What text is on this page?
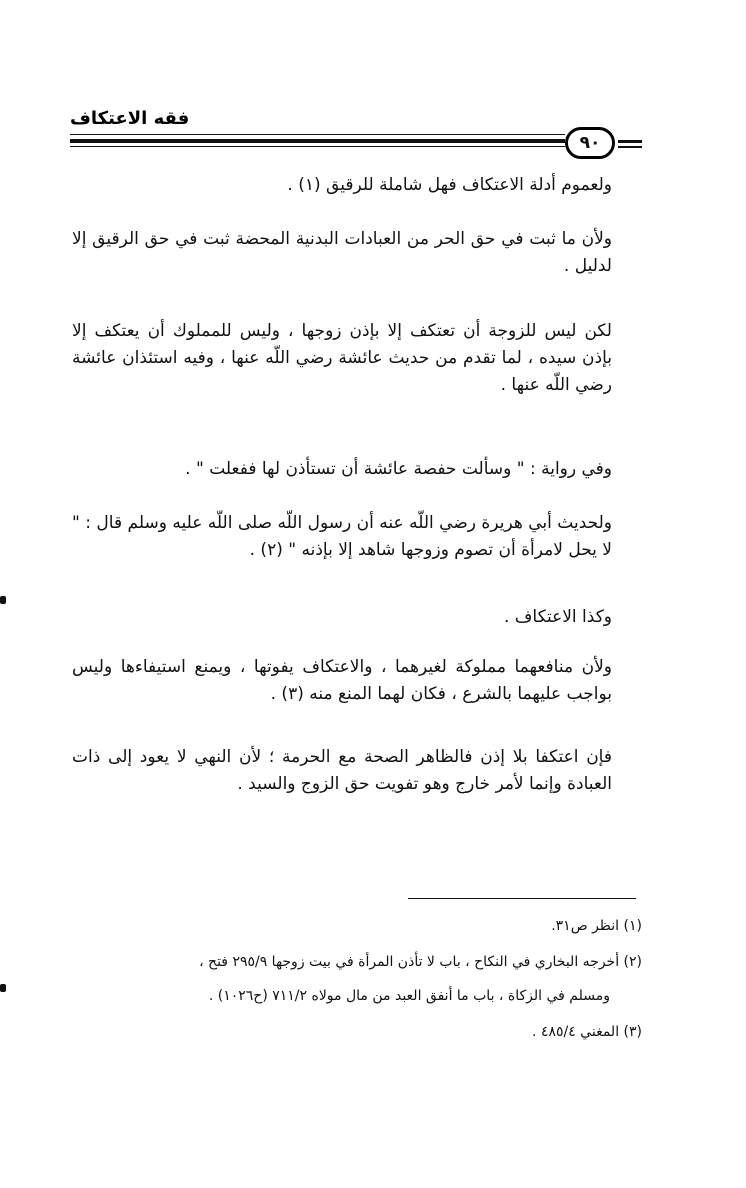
فقه الاعتكاف
٩٠

ولعموم أدلة الاعتكاف فهل شاملة للرقيق (١) .

ولأن ما ثبت في حق الحر من العبادات البدنية المحضة ثبت في حق الرقيق إلا لدليل .

لكن ليس للزوجة أن تعتكف إلا بإذن زوجها ، وليس للمملوك أن يعتكف إلا بإذن سيده ، لما تقدم من حديث عائشة رضي اللّه عنها ، وفيه استئذان عائشة رضي اللّه عنها .

وفي رواية : " وسألت حفصة عائشة أن تستأذن لها ففعلت " .

ولحديث أبي هريرة رضي اللّه عنه أن رسول اللّه صلى اللّه عليه وسلم قال : " لا يحل لامرأة أن تصوم وزوجها شاهد إلا بإذنه " (٢) .

وكذا الاعتكاف .

ولأن منافعهما مملوكة لغيرهما ، والاعتكاف يفوتها ، ويمنع استيفاءها وليس بواجب عليهما بالشرع ، فكان لهما المنع منه (٣) .

فإن اعتكفا بلا إذن فالظاهر الصحة مع الحرمة ؛ لأن النهي لا يعود إلى ذات العبادة وإنما لأمر خارج وهو تفويت حق الزوج والسيد .

(١) انظر ص٣١.

(٢) أخرجه البخاري في النكاح ، باب لا تأذن المرأة في بيت زوجها ٢٩٥/٩ فتح ،

ومسلم في الزكاة ، باب ما أنفق العبد من مال مولاه ٧١١/٢ (ح١٠٢٦) .

(٣) المغني ٤٨٥/٤ .
